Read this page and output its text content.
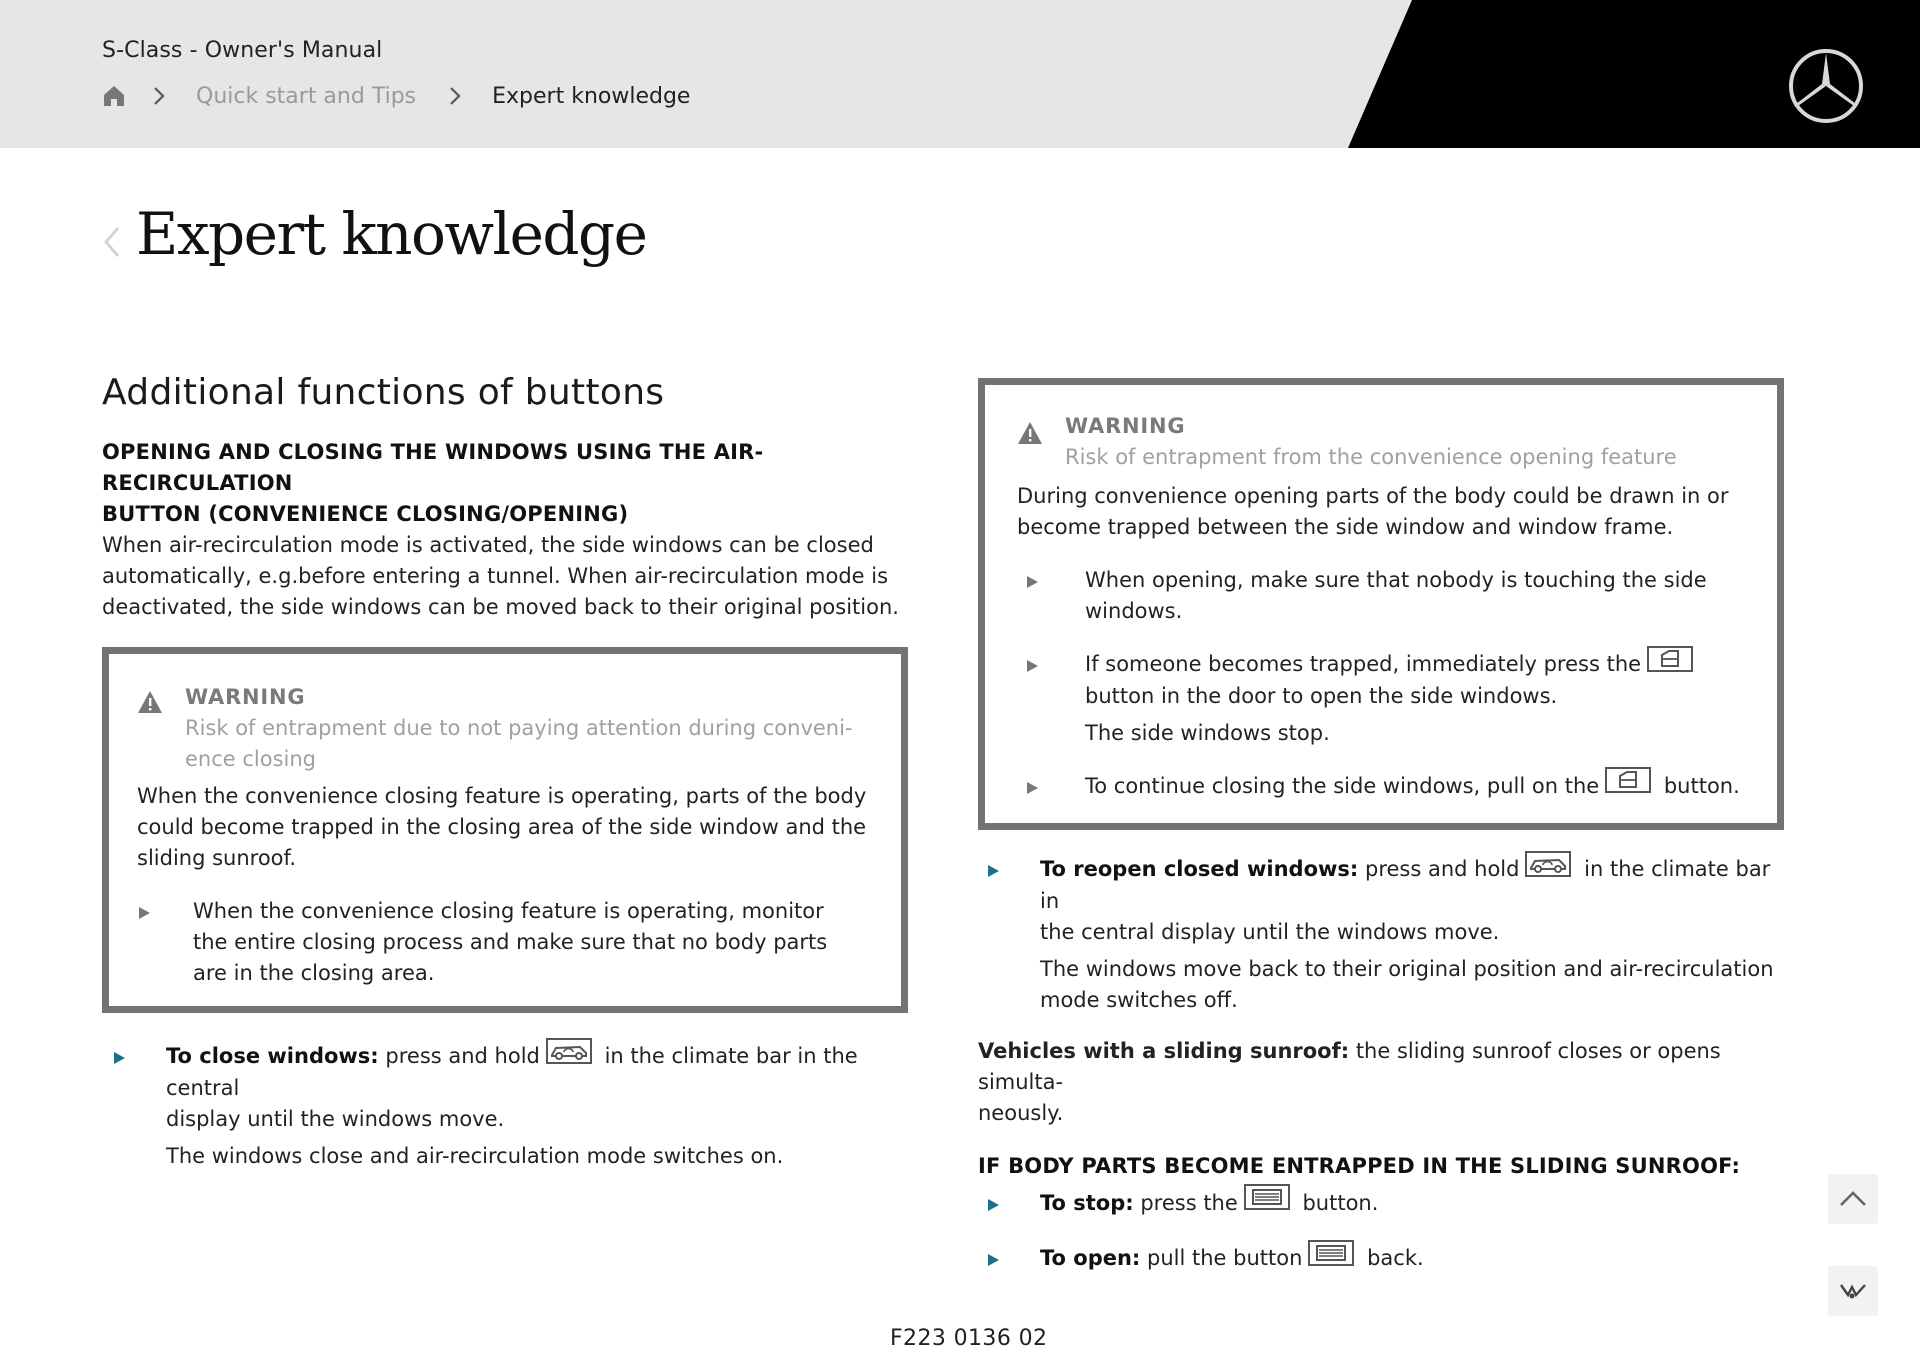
S-Class - Owner's Manual
Quick start and Tips	Expert knowledge
Expert knowledge
Additional functions of buttons

OPENING AND CLOSING THE WINDOWS USING THE AIR-RECIRCULATION

BUTTON (CONVENIENCE CLOSING/OPENING)

When air-recirculation mode is activated, the side windows can be closed

automatically, e.g.before entering a tunnel. When air-recirculation mode is

deactivated, the side windows can be moved back to their original position.

WARNING
Risk of entrapment due to not paying attention during conveni-
ence closing
When the convenience closing feature is operating, parts of the body
could become trapped in the closing area of the side window and the
sliding sunroof.
When the convenience closing feature is operating, monitor
the entire closing process and make sure that no body parts
are in the closing area.
To close windows: press and hold	in the climate bar in the central
display until the windows move.
The windows close and air-recirculation mode switches on.
WARNING
Risk of entrapment from the convenience opening feature
During convenience opening parts of the body could be drawn in or
become trapped between the side window and window frame.
When opening, make sure that nobody is touching the side
windows.
If someone becomes trapped, immediately press the
button in the door to open the side windows.
The side windows stop.
To continue closing the side windows, pull on the	button.
To reopen closed windows: press and hold	in the climate bar in
the central display until the windows move.
The windows move back to their original position and air-recirculation
mode switches off.
Vehicles with a sliding sunroof: the sliding sunroof closes or opens simulta-
neously.

IF BODY PARTS BECOME ENTRAPPED IN THE SLIDING SUNROOF:

To stop: press the	button.
To open: pull the button	back.
F223 0136 02
